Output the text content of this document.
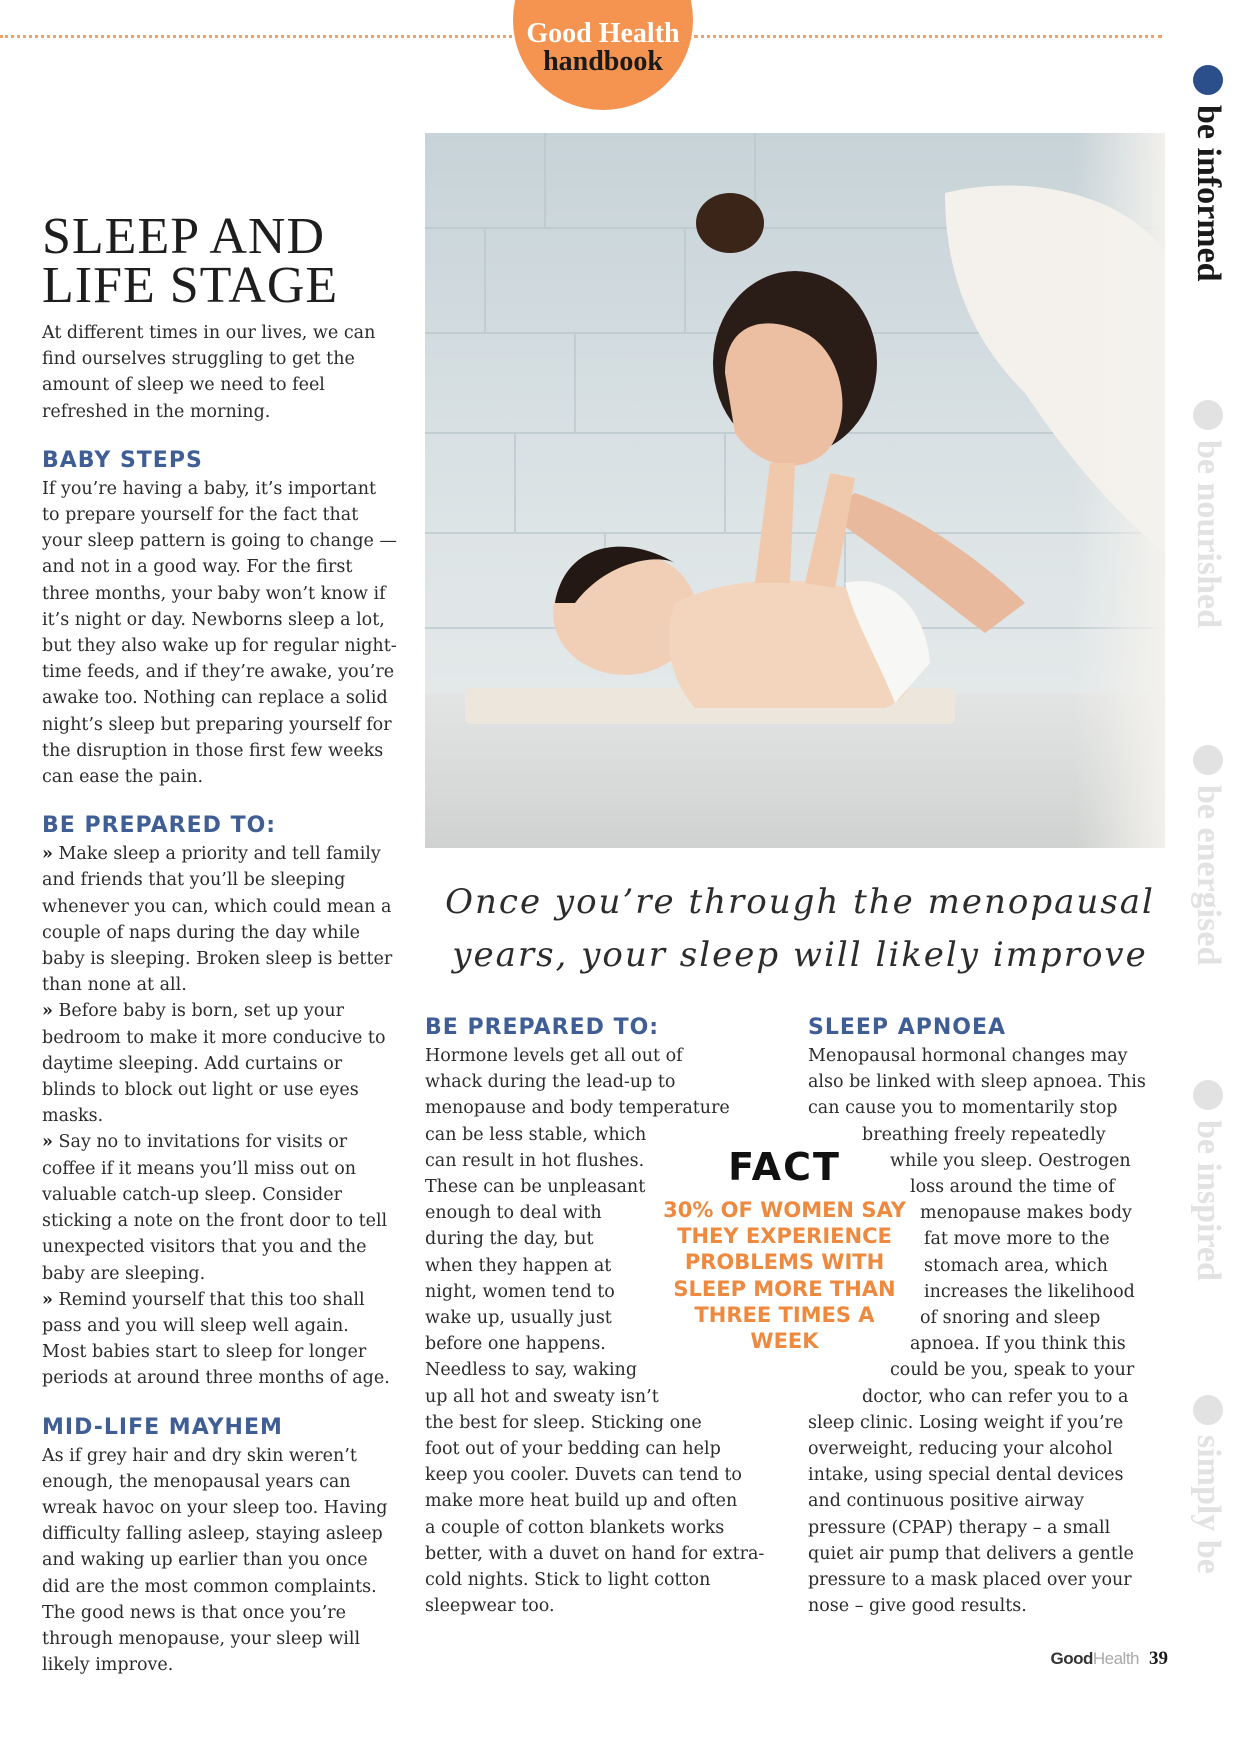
Good Health
handbook
SLEEP AND
LIFE STAGE

At different times in our lives, we can find ourselves struggling to get the amount of sleep we need to feel refreshed in the morning.

BABY STEPS

If you’re having a baby, it’s important to prepare yourself for the fact that your sleep pattern is going to change — and not in a good way. For the first three months, your baby won’t know if it’s night or day. Newborns sleep a lot, but they also wake up for regular night-time feeds, and if they’re awake, you’re awake too. Nothing can replace a solid night’s sleep but preparing yourself for the disruption in those first few weeks can ease the pain.

BE PREPARED TO:

» Make sleep a priority and tell family and friends that you’ll be sleeping whenever you can, which could mean a couple of naps during the day while baby is sleeping. Broken sleep is better than none at all.

» Before baby is born, set up your bedroom to make it more conducive to daytime sleeping. Add curtains or blinds to block out light or use eyes masks.

» Say no to invitations for visits or coffee if it means you’ll miss out on valuable catch-up sleep. Consider sticking a note on the front door to tell unexpected visitors that you and the baby are sleeping.

» Remind yourself that this too shall pass and you will sleep well again. Most babies start to sleep for longer periods at around three months of age.

MID-LIFE MAYHEM

As if grey hair and dry skin weren’t enough, the menopausal years can wreak havoc on your sleep too. Having difficulty falling asleep, staying asleep and waking up earlier than you once did are the most common complaints. The good news is that once you’re through menopause, your sleep will likely improve.

Once you’re through the menopausal years, your sleep will likely improve

BE PREPARED TO:

Hormone levels get all out of

whack during the lead-up to

menopause and body temperature

can be less stable, which

can result in hot flushes.

These can be unpleasant

enough to deal with

during the day, but

when they happen at

night, women tend to

wake up, usually just

before one happens.

Needless to say, waking

up all hot and sweaty isn’t

the best for sleep. Sticking one

foot out of your bedding can help

keep you cooler. Duvets can tend to

make more heat build up and often

a couple of cotton blankets works

better, with a duvet on hand for extra-

cold nights. Stick to light cotton

sleepwear too.

FACT
30% OF WOMEN SAY THEY EXPERIENCE PROBLEMS WITH SLEEP MORE THAN THREE TIMES A WEEK
SLEEP APNOEA

Menopausal hormonal changes may

also be linked with sleep apnoea. This

can cause you to momentarily stop

breathing freely repeatedly

while you sleep. Oestrogen

loss around the time of

menopause makes body

fat move more to the

stomach area, which

increases the likelihood

of snoring and sleep

apnoea. If you think this

could be you, speak to your

doctor, who can refer you to a

sleep clinic. Losing weight if you’re

overweight, reducing your alcohol

intake, using special dental devices

and continuous positive airway

pressure (CPAP) therapy – a small

quiet air pump that delivers a gentle

pressure to a mask placed over your

nose – give good results.

be informed
be nourished
be energised
be inspired
simply be
GoodHealth 39
